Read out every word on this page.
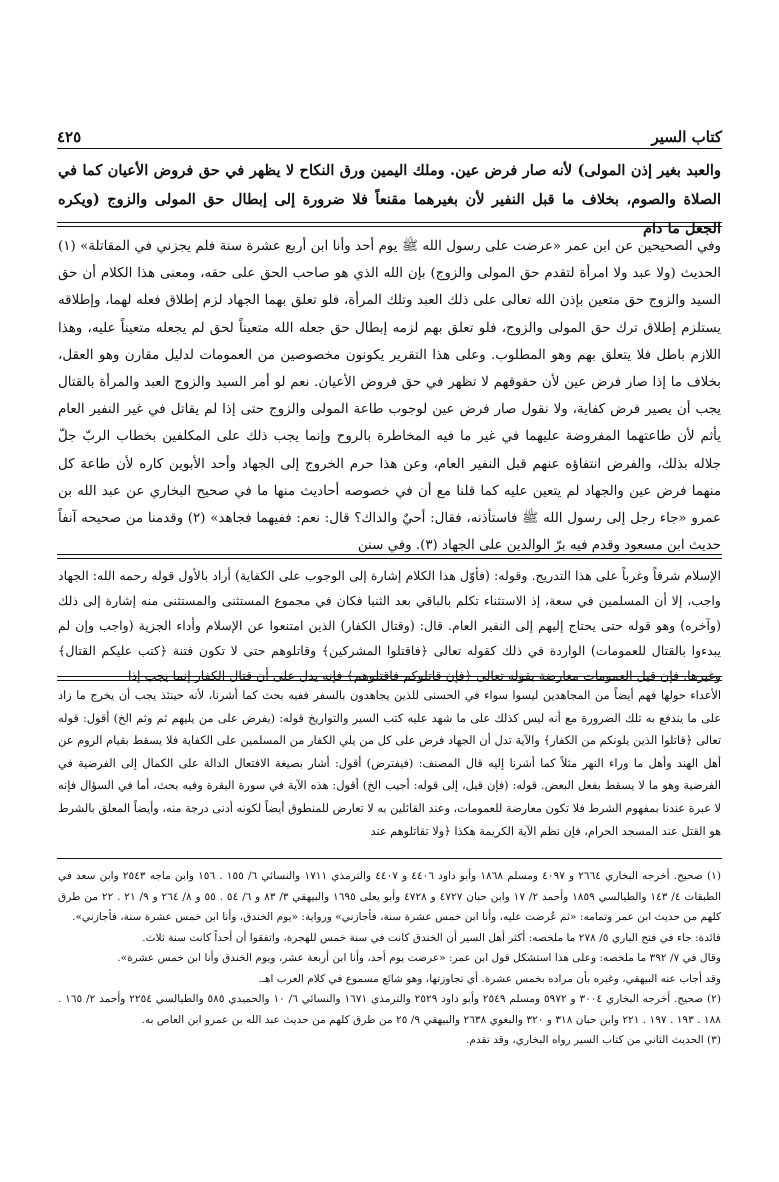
كتاب السير
٤٢٥

والعبد بغير إذن المولى) لأنه صار فرض عين. وملك اليمين ورق النكاح لا يظهر في حق فروض الأعيان كما في الصلاة والصوم، بخلاف ما قبل النفير لأن بغيرهما مقنعاً فلا ضرورة إلى إبطال حق المولى والزوج (ويكره الجعل ما دام

وفي الصحيحين عن ابن عمر «عرضت على رسول الله ﷺ يوم أحد وأنا ابن أربع عشرة سنة فلم يجزني في المقاتلة» (١) الحديث (ولا عبد ولا امرأة لتقدم حق المولى والزوج) بإن الله الذي هو صاحب الحق على حقه، ومعنى هذا الكلام أن حق السيد والزوج حق متعين بإذن الله تعالى على ذلك العبد وتلك المرأة، فلو تعلق بهما الجهاد لزم إطلاق فعله لهما، وإطلاقه يستلزم إطلاق ترك حق المولى والزوج، فلو تعلق بهم لزمه إبطال حق جعله الله متعيناً لحق لم يجعله متعيناً عليه، وهذا اللازم باطل فلا يتعلق بهم وهو المطلوب. وعلى هذا التقرير يكونون مخصوصين من العمومات لدليل مقارن وهو العقل، بخلاف ما إذا صار فرض عين لأن حقوقهم لا تظهر في حق فروض الأعيان. نعم لو أمر السيد والزوج العبد والمرأة بالقتال يجب أن يصير فرض كفاية، ولا نقول صار فرض عين لوجوب طاعة المولى والزوج حتى إذا لم يقاتل في غير النفير العام يأثم لأن طاعتهما المفروضة عليهما في غير ما فيه المخاطرة بالروح وإنما يجب ذلك على المكلفين بخطاب الربّ جلّ جلاله بذلك، والفرض انتفاؤه عنهم قبل النفير العام، وعن هذا حرم الخروج إلى الجهاد وأحد الأبوين كاره لأن طاعة كل منهما فرض عين والجهاد لم يتعين عليه كما قلنا مع أن في خصوصه أحاديث منها ما في صحيح البخاري عن عبد الله بن عمرو «جاء رجل إلى رسول الله ﷺ فاستأذنه، فقال: أحيٌ والداك؟ قال: نعم: ففيهما فجاهد» (٢) وقدمنا من صحيحه آنفاً حديث ابن مسعود وقدم فيه برّ الوالدين على الجهاد (٣). وفي سنن

الإسلام شرقاً وغرباً على هذا التدريج. وقوله: (فأوّل هذا الكلام إشارة إلى الوجوب على الكفاية) أراد بالأول قوله رحمه الله: الجهاد واجب، إلا أن المسلمين في سعة، إذ الاستثناء تكلم بالباقي بعد الثنيا فكان في مجموع المستثنى والمستثنى منه إشارة إلى ذلك (وآخره) وهو قوله حتى يحتاج إليهم إلى النفير العام. قال: (وقتال الكفار) الذين امتنعوا عن الإسلام وأداء الجزية (واجب وإن لم يبدءوا بالقتال للعمومات) الواردة في ذلك كقوله تعالى ﴿فاقتلوا المشركين﴾ وقاتلوهم حتى لا تكون فتنة ﴿كتب عليكم القتال﴾ وغيرها. فإن قيل العمومات معارضة بقوله تعالى ﴿فإن قاتلوكم فاقتلوهم﴾ فإنه يدل على أن قتال الكفار إنما يجب إذا

الأعداء حولها فهم أيضاً من المجاهدين ليسوا سواء في الحسنى للذين يجاهدون بالسفر ففيه بحث كما أشرنا، لأنه حينئذ يجب أن يخرج ما زاد على ما يندفع به تلك الضرورة مع أنه ليس كذلك على ما شهد عليه كتب السير والتواريخ قوله: (يفرض على من يليهم ثم وثم الخ) أقول: قوله تعالى ﴿قاتلوا الذين يلونكم من الكفار﴾ والآية تدل أن الجهاد فرض على كل من يلي الكفار من المسلمين على الكفاية فلا يسقط بقيام الروم عن أهل الهند وأهل ما وراء النهر مثلاً كما أشرنا إليه قال المصنف: (فيفترض) أقول: أشار بصيغة الافتعال الدالة على الكمال إلى الفرضية في الفرضية وهو ما لا يسقط بفعل البعض. قوله: (فإن قيل، إلى قوله: أجيب الخ) أقول: هذه الآية في سورة البقرة وفيه بحث، أما في السؤال فإنه لا عبرة عندنا بمفهوم الشرط فلا تكون معارضة للعمومات، وعند القائلين به لا تعارض للمنطوق أيضاً لكونه أدنى درجة منه، وأيضاً المعلق بالشرط هو القتل عند المسجد الحرام، فإن نظم الآية الكريمة هكذا ﴿ولا تقاتلوهم عند

(١) صحيح. أخرجه البخاري ٢٦٦٤ و ٤٠٩٧ ومسلم ١٨٦٨ وأبو داود ٤٤٠٦ و ٤٤٠٧ والترمذي ١٧١١ والنسائي ٦/ ١٥٥ . ١٥٦ وابن ماجه ٢٥٤٣ وابن سعد في الطبقات ٤/ ١٤٣ والطيالسي ١٨٥٩ وأحمد ٢/ ١٧ وابن حبان ٤٧٢٧ و ٤٧٢٨ وأبو يعلى ١٦٩٥ والبيهقي ٣/ ٨٣ و ٦/ ٥٤ . ٥٥ و ٨/ ٢٦٤ و ٩/ ٢١ . ٢٢ من طرق كلهم من حديث ابن عمر وتمامه: «ثم عُرضت عليه، وأنا ابن خمس عشرة سنة، فأجازني» ورواية: «يوم الخندق، وأنا ابن خمس عشرة سنة، فأجازني».

فائدة: جاء في فتح الباري ٥/ ٢٧٨ ما ملخصه: أكثر أهل السير أن الخندق كانت في سنة خمس للهجرة، واتفقوا أن أحداً كانت سنة ثلاث.

وقال في ٧/ ٣٩٢ ما ملخصه: وعلى هذا استشكل قول ابن عمر: «عرضت يوم أحد، وأنا ابن أربعة عشر، ويوم الخندق وأنا ابن خمس عشرة».

وقد أجاب عنه البيهقي، وغيره بأن مراده بخمس عشرة. أي تجاوزتها، وهو شائع مسموع في كلام العرب اهـ.

(٢) صحيح. أخرجه البخاري ٣٠٠٤ و ٥٩٧٢ ومسلم ٢٥٤٩ وأبو داود ٢٥٢٩ والترمذي ١٦٧١ والنسائي ٦/ ١٠ والحميدي ٥٨٥ والطيالسي ٢٢٥٤ وأحمد ٢/ ١٦٥ . ١٨٨ . ١٩٣ . ١٩٧ . ٢٢١ وابن حبان ٣١٨ و ٣٢٠ والبغوي ٢٦٣٨ والبيهقي ٩/ ٢٥ من طرق كلهم من حديث عبد الله بن عمرو ابن العاص به.

(٣) الحديث الثاني من كتاب السير رواه البخاري، وقد تقدم.
